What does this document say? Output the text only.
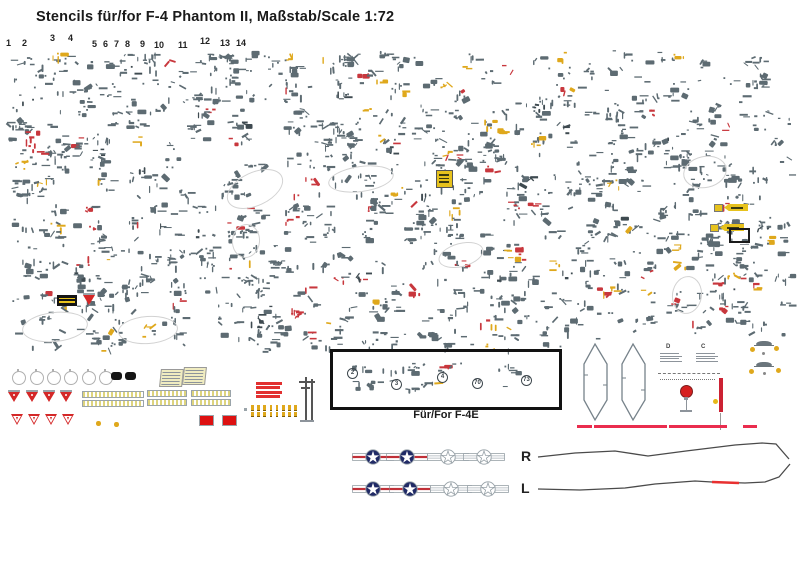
Stencils für/for F-4 Phantom II, Maßstab/Scale 1:72
1 2	3 4
5 6 7 8 9 10 11 12 13 14
2
3
4
70	73
Für/For F-4E
D	C
R
L
